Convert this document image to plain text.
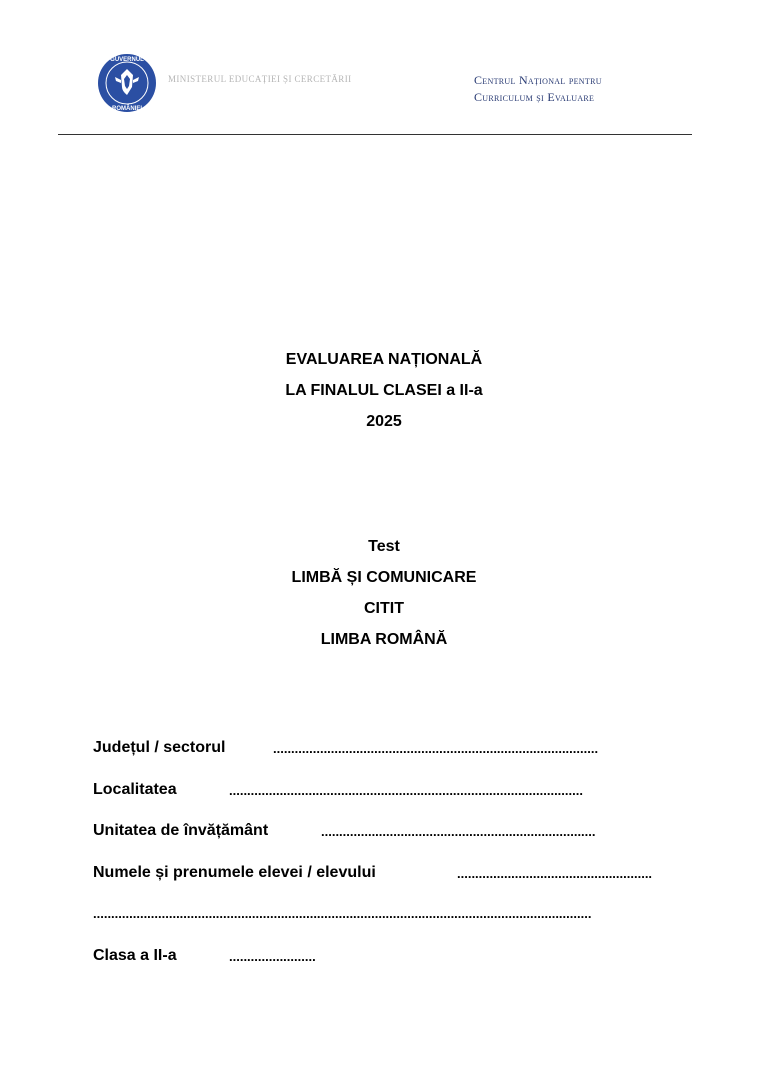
GUVERNUL
ROMÂNIEI
MINISTERUL EDUCAȚIEI ȘI CERCETĂRII	Centrul Național pentru
Curriculum și Evaluare
EVALUAREA NAȚIONALĂ
LA FINALUL CLASEI a II-a
2025
Test
LIMBĂ ȘI COMUNICARE
CITIT
LIMBA ROMÂNĂ
Județul / sectorul	..........................................................................................
Localitatea	..................................................................................................
Unitatea de învățământ	............................................................................
Numele și prenumele elevei / elevului	......................................................
..........................................................................................................................................
Clasa a II-a	........................
